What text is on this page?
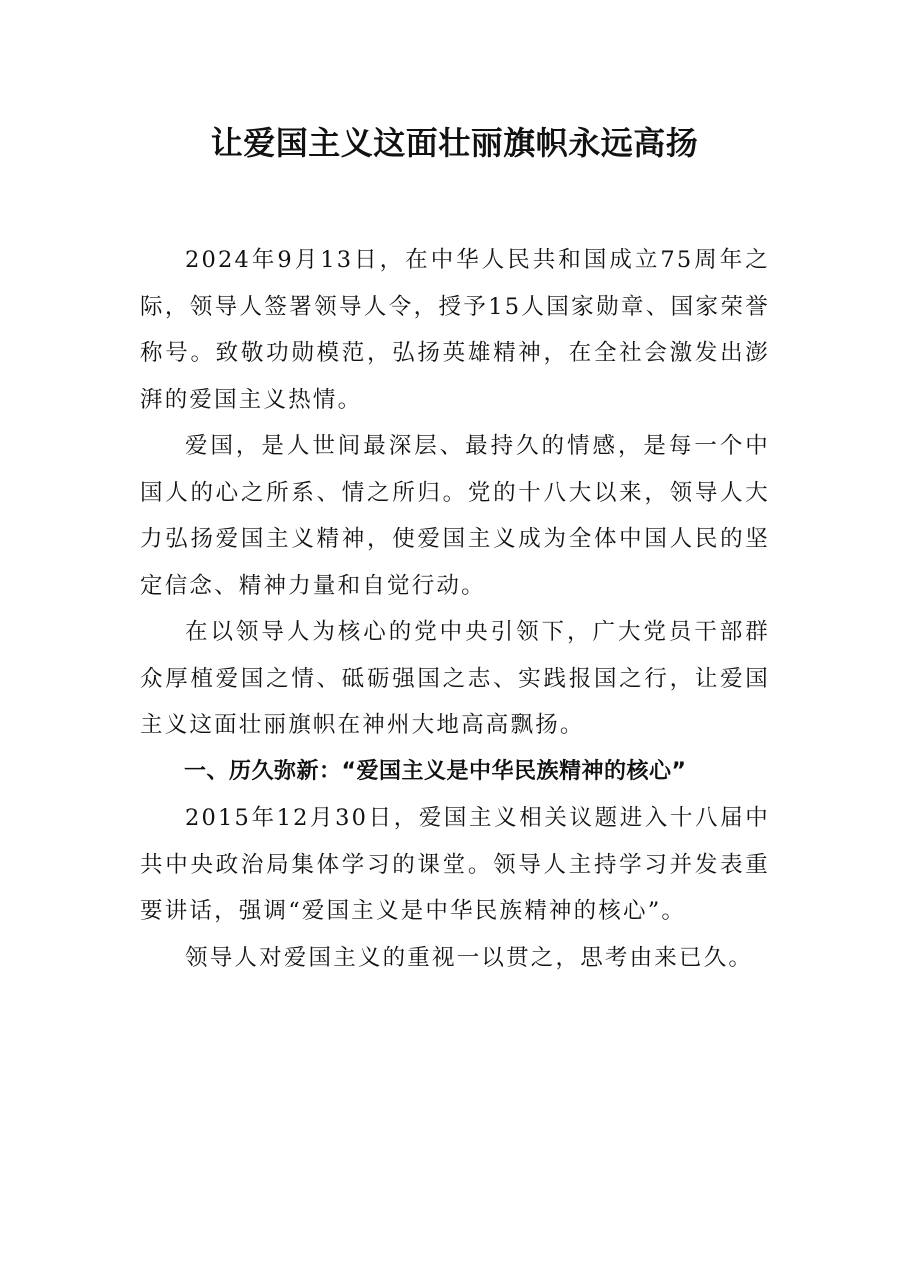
让爱国主义这面壮丽旗帜永远高扬

2024年9月13日，在中华人民共和国成立75周年之际，领导人签署领导人令，授予15人国家勋章、国家荣誉称号。致敬功勋模范，弘扬英雄精神，在全社会激发出澎湃的爱国主义热情。

爱国，是人世间最深层、最持久的情感，是每一个中国人的心之所系、情之所归。党的十八大以来，领导人大力弘扬爱国主义精神，使爱国主义成为全体中国人民的坚定信念、精神力量和自觉行动。

在以领导人为核心的党中央引领下，广大党员干部群众厚植爱国之情、砥砺强国之志、实践报国之行，让爱国主义这面壮丽旗帜在神州大地高高飘扬。

一、历久弥新：“爱国主义是中华民族精神的核心”

2015年12月30日，爱国主义相关议题进入十八届中共中央政治局集体学习的课堂。领导人主持学习并发表重要讲话，强调“爱国主义是中华民族精神的核心”。

领导人对爱国主义的重视一以贯之，思考由来已久。
